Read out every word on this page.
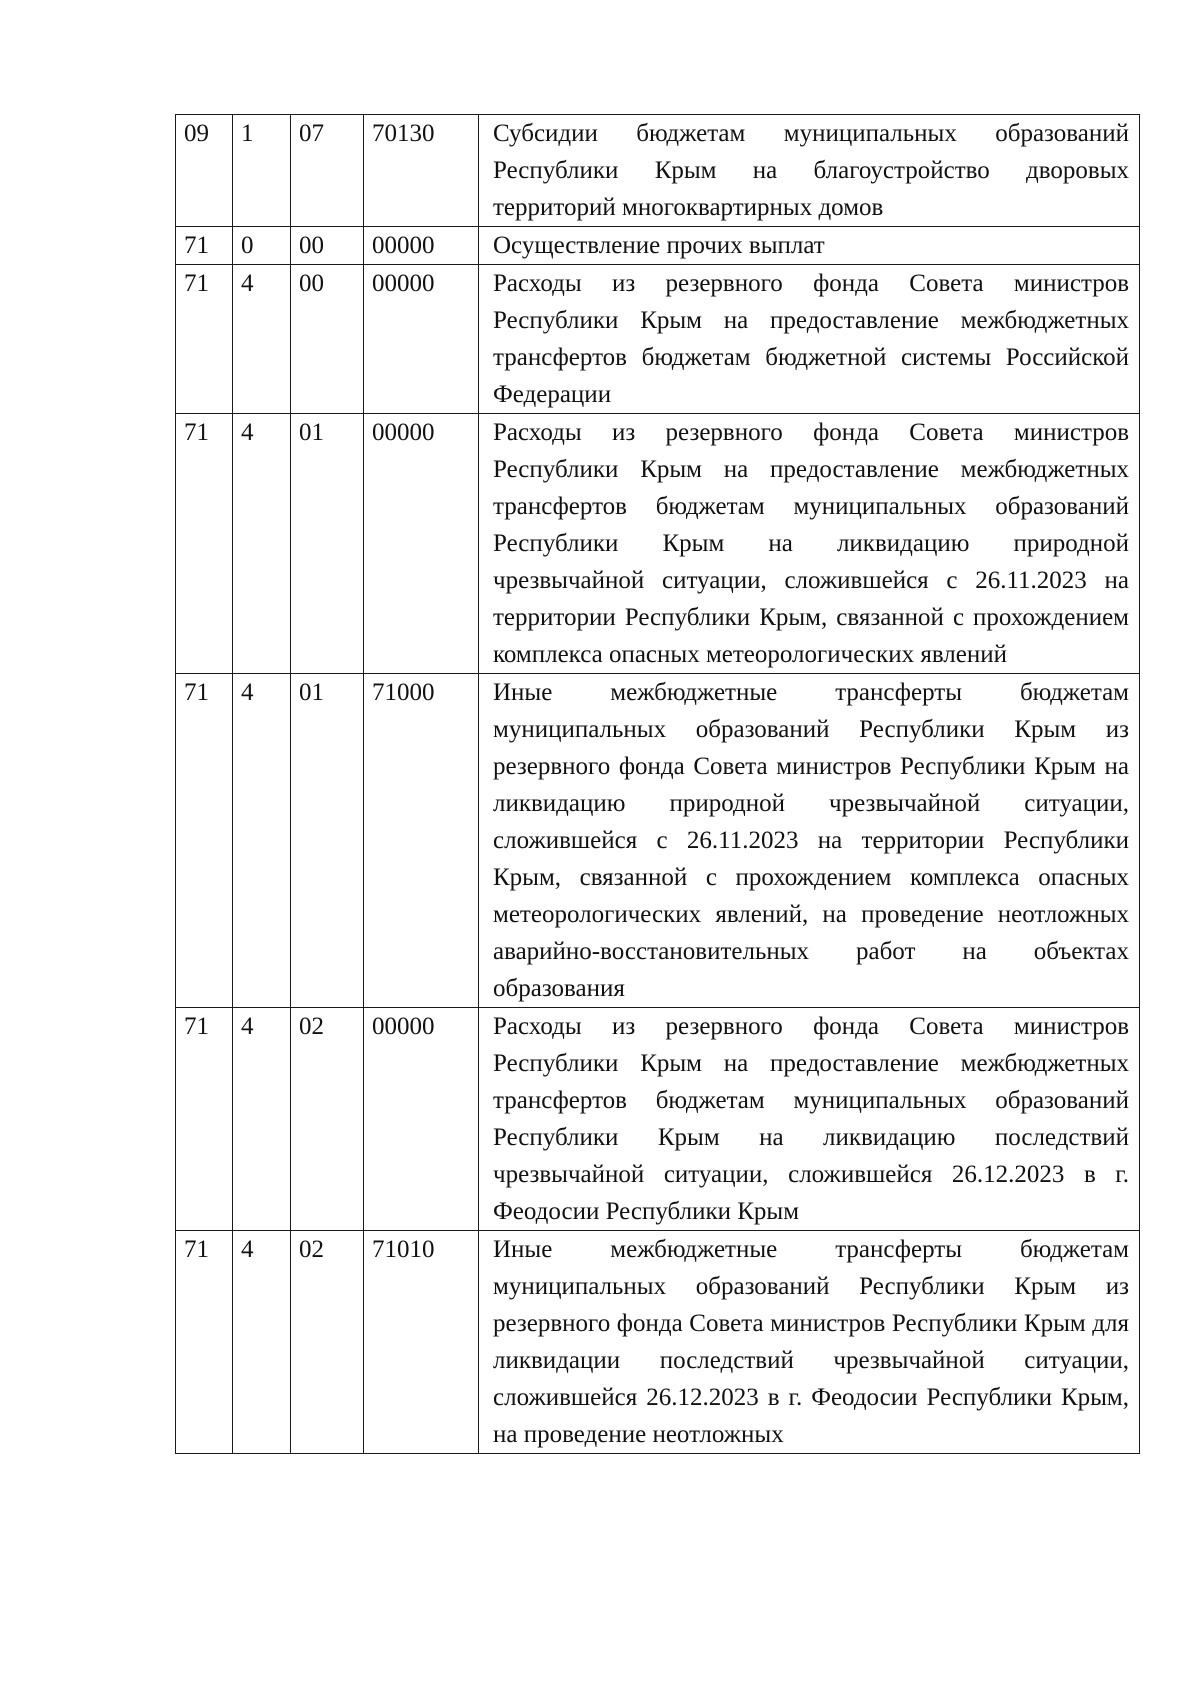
09	1	07	70130	Субсидии бюджетам муниципальных образований Республики Крым на благоустройство дворовых территорий многоквартирных домов
71	0	00	00000	Осуществление прочих выплат
71	4	00	00000	Расходы из резервного фонда Совета министров Республики Крым на предоставление межбюджетных трансфертов бюджетам бюджетной системы Российской Федерации
71	4	01	00000	Расходы из резервного фонда Совета министров Республики Крым на предоставление межбюджетных трансфертов бюджетам муниципальных образований Республики Крым на ликвидацию природной чрезвычайной ситуации, сложившейся с 26.11.2023 на территории Республики Крым, связанной с прохождением комплекса опасных метеорологических явлений
71	4	01	71000	Иные межбюджетные трансферты бюджетам муниципальных образований Республики Крым из резервного фонда Совета министров Республики Крым на ликвидацию природной чрезвычайной ситуации, сложившейся с 26.11.2023 на территории Республики Крым, связанной с прохождением комплекса опасных метеорологических явлений, на проведение неотложных аварийно-восстановительных работ на объектах образования
71	4	02	00000	Расходы из резервного фонда Совета министров Республики Крым на предоставление межбюджетных трансфертов бюджетам муниципальных образований Республики Крым на ликвидацию последствий чрезвычайной ситуации, сложившейся 26.12.2023 в г. Феодосии Республики Крым
71	4	02	71010	Иные межбюджетные трансферты бюджетам муниципальных образований Республики Крым из резервного фонда Совета министров Республики Крым для ликвидации последствий чрезвычайной ситуации, сложившейся 26.12.2023 в г. Феодосии Республики Крым, на проведение неотложных
